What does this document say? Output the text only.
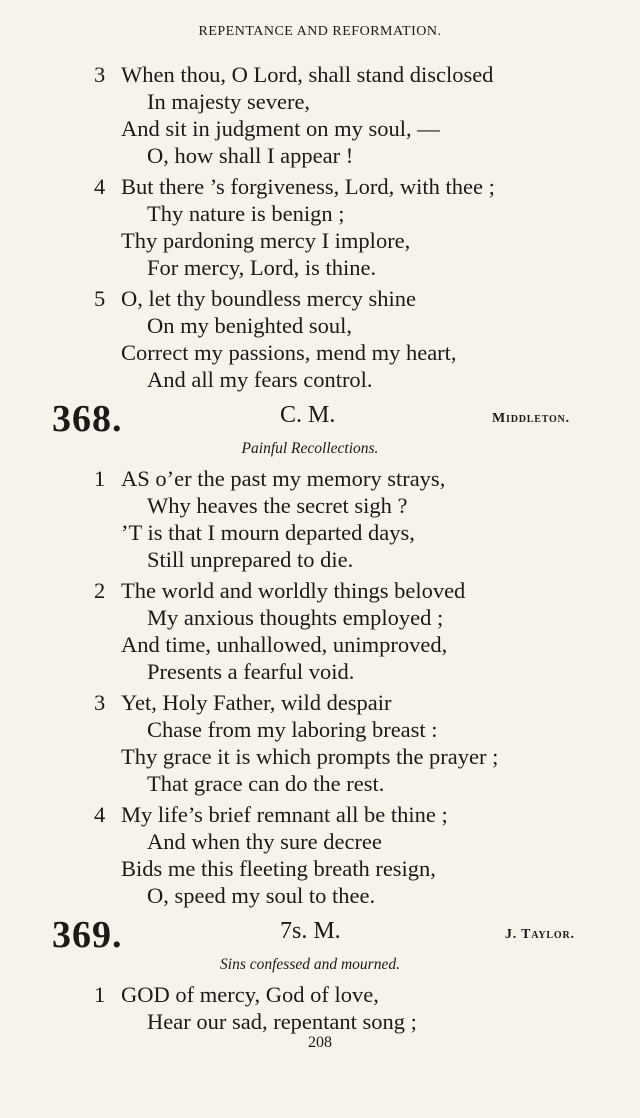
REPENTANCE AND REFORMATION.
3 When thou, O Lord, shall stand disclosed
In majesty severe,
And sit in judgment on my soul, —
O, how shall I appear !
4 But there ’s forgiveness, Lord, with thee ;
Thy nature is benign ;
Thy pardoning mercy I implore,
For mercy, Lord, is thine.
5 O, let thy boundless mercy shine
On my benighted soul,
Correct my passions, mend my heart,
And all my fears control.
368.	C. M.	Middleton.
Painful Recollections.
1 AS o’er the past my memory strays,
Why heaves the secret sigh ?
’T is that I mourn departed days,
Still unprepared to die.
2 The world and worldly things beloved
My anxious thoughts employed ;
And time, unhallowed, unimproved,
Presents a fearful void.
3 Yet, Holy Father, wild despair
Chase from my laboring breast :
Thy grace it is which prompts the prayer ;
That grace can do the rest.
4 My life’s brief remnant all be thine ;
And when thy sure decree
Bids me this fleeting breath resign,
O, speed my soul to thee.
369.	7s. M.	J. Taylor.
Sins confessed and mourned.
1 GOD of mercy, God of love,
Hear our sad, repentant song ;
208
